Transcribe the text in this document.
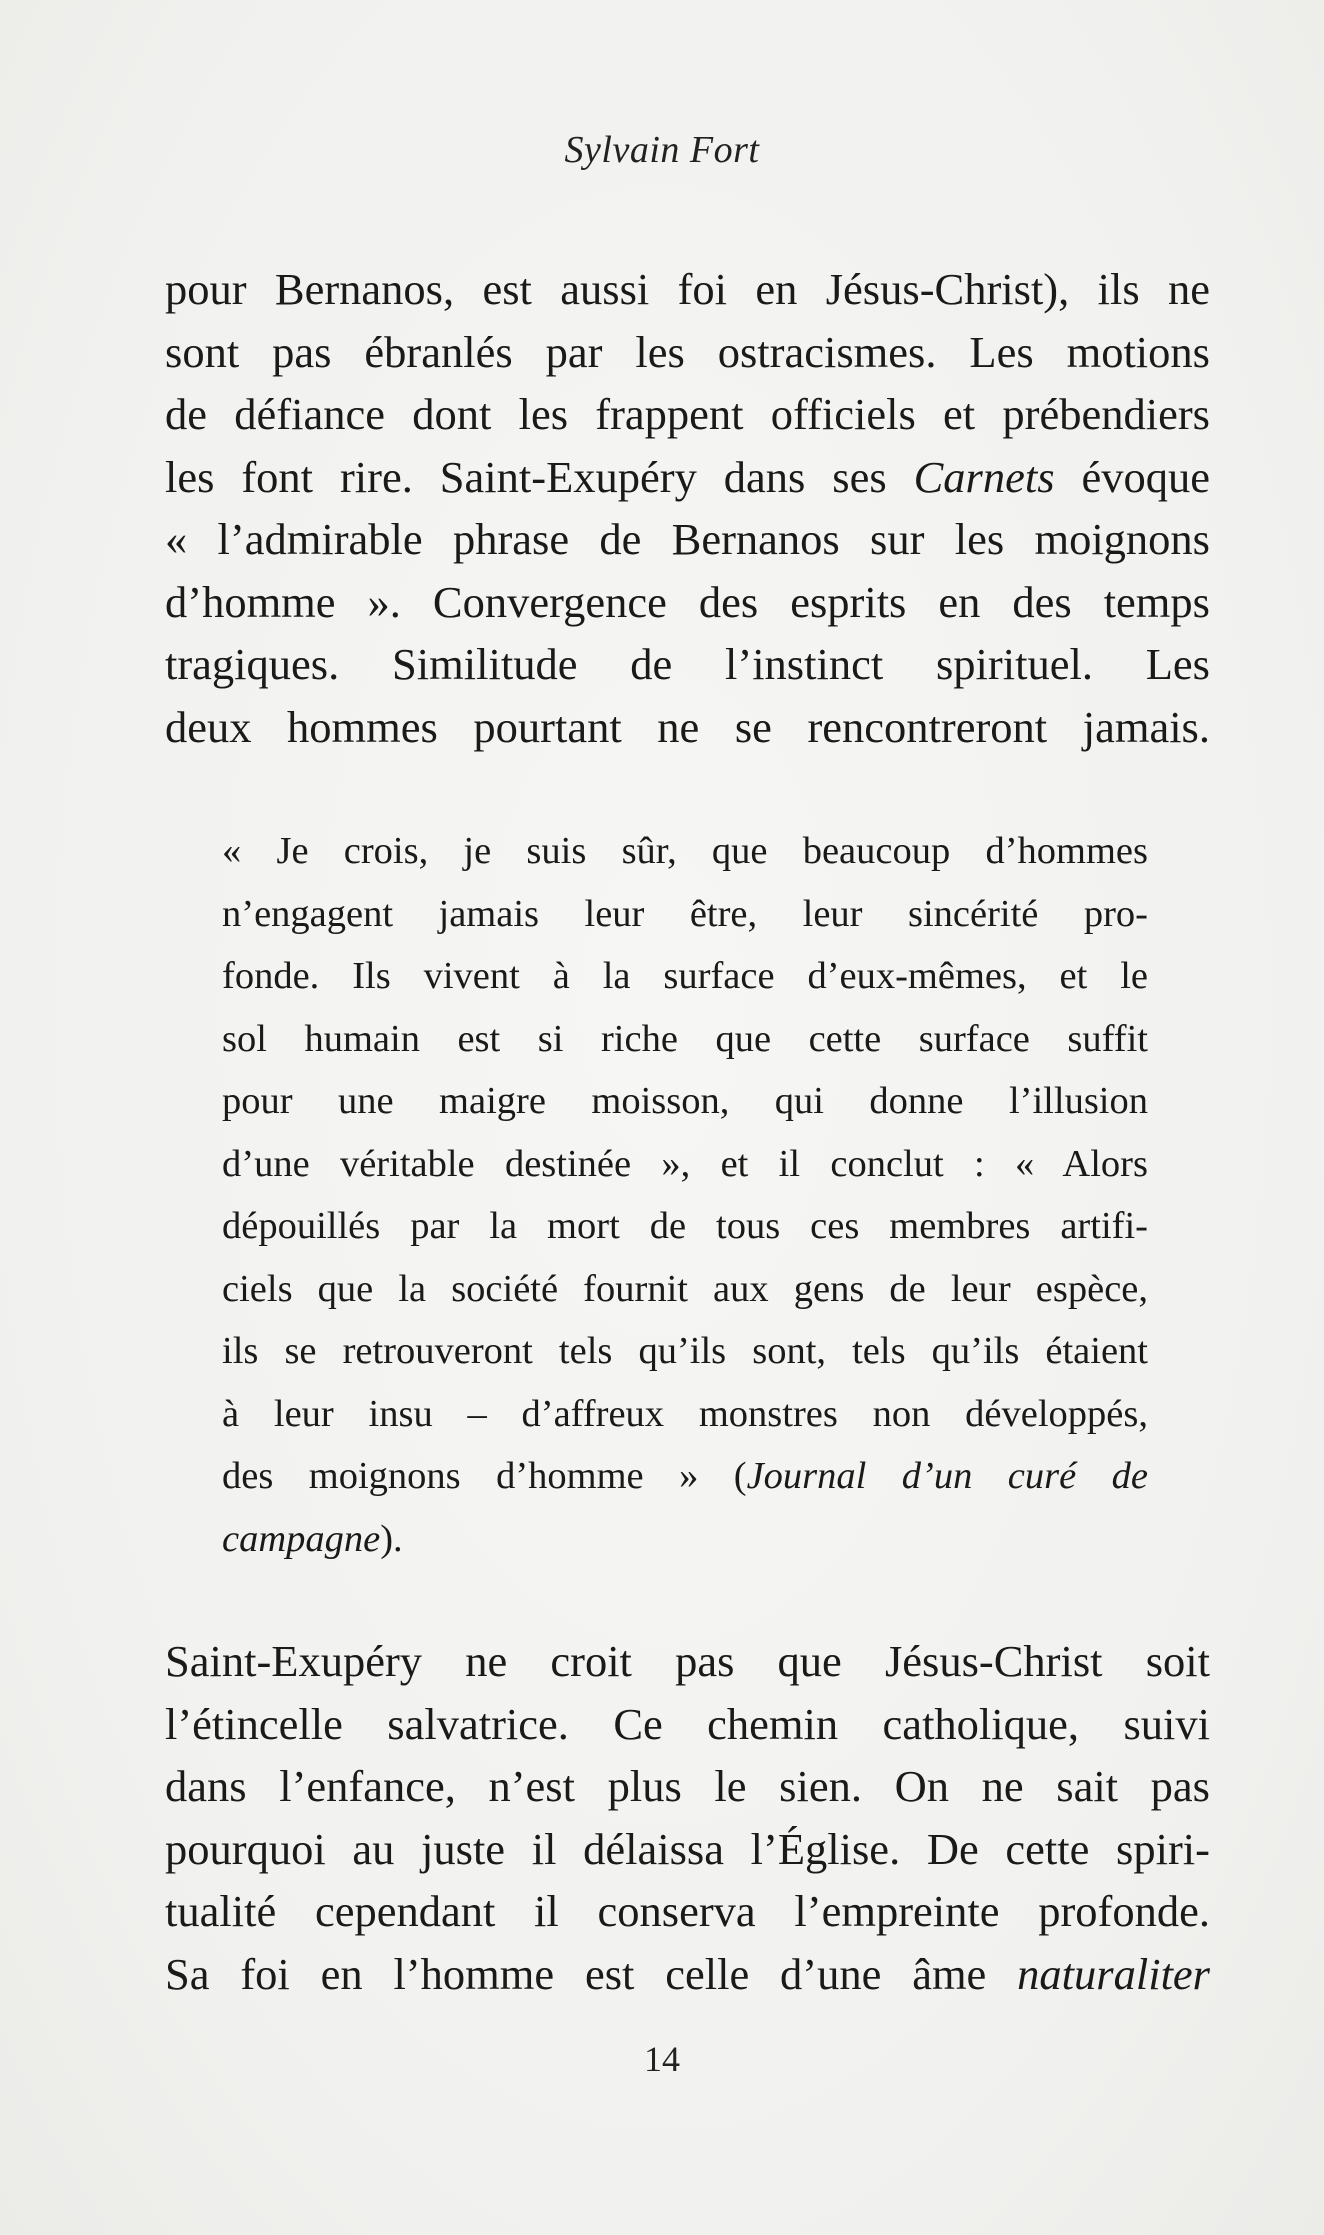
Sylvain Fort
pour Bernanos, est aussi foi en Jésus-Christ), ils ne
sont pas ébranlés par les ostracismes. Les motions
de défiance dont les frappent officiels et prébendiers
les font rire. Saint-Exupéry dans ses Carnets évoque
« l’admirable phrase de Bernanos sur les moignons
d’homme ». Convergence des esprits en des temps
tragiques. Similitude de l’instinct spirituel. Les
deux hommes pourtant ne se rencontreront jamais.
« Je crois, je suis sûr, que beaucoup d’hommes
n’engagent jamais leur être, leur sincérité pro-
fonde. Ils vivent à la surface d’eux-mêmes, et le
sol humain est si riche que cette surface suffit
pour une maigre moisson, qui donne l’illusion
d’une véritable destinée », et il conclut : « Alors
dépouillés par la mort de tous ces membres artifi-
ciels que la société fournit aux gens de leur espèce,
ils se retrouveront tels qu’ils sont, tels qu’ils étaient
à leur insu – d’affreux monstres non développés,
des moignons d’homme » (Journal d’un curé de
campagne).
Saint-Exupéry ne croit pas que Jésus-Christ soit
l’étincelle salvatrice. Ce chemin catholique, suivi
dans l’enfance, n’est plus le sien. On ne sait pas
pourquoi au juste il délaissa l’Église. De cette spiri-
tualité cependant il conserva l’empreinte profonde.
Sa foi en l’homme est celle d’une âme naturaliter
14
